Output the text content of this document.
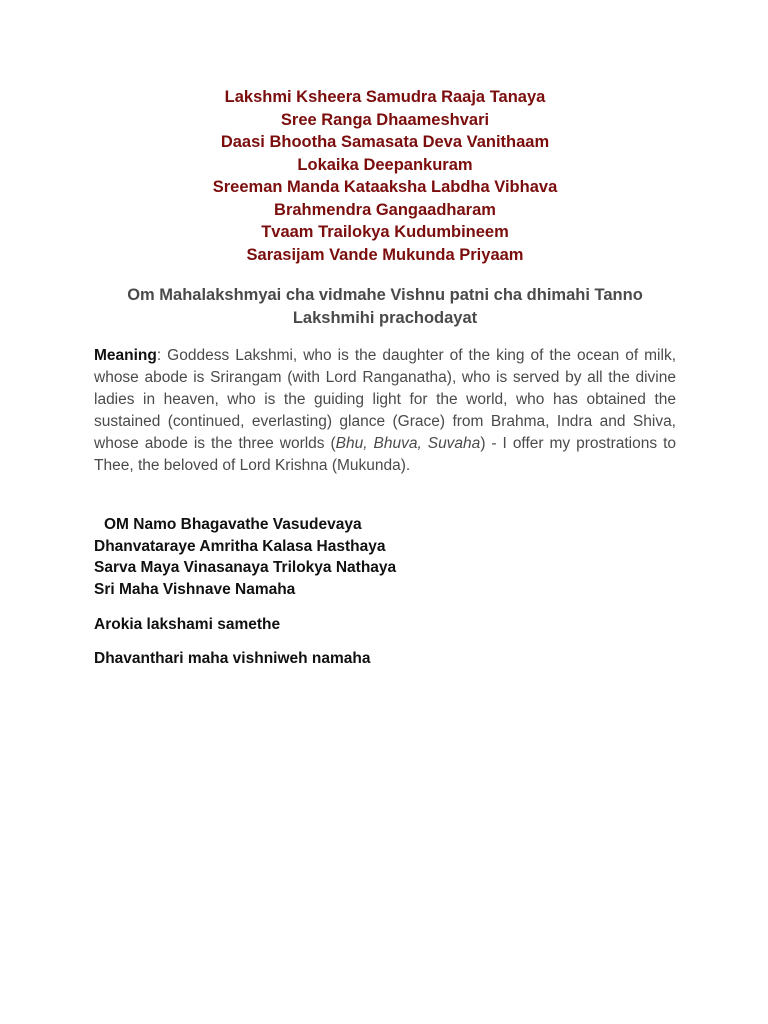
Lakshmi Ksheera Samudra Raaja Tanaya
Sree Ranga Dhaameshvari
Daasi Bhootha Samasata Deva Vanithaam
Lokaika Deepankuram
Sreeman Manda Kataaksha Labdha Vibhava
Brahmendra Gangaadharam
Tvaam Trailokya Kudumbineem
Sarasijam Vande Mukunda Priyaam
Om Mahalakshmyai cha vidmahe Vishnu patni cha dhimahi Tanno Lakshmihi prachodayat
Meaning: Goddess Lakshmi, who is the daughter of the king of the ocean of milk, whose abode is Srirangam (with Lord Ranganatha), who is served by all the divine ladies in heaven, who is the guiding light for the world, who has obtained the sustained (continued, everlasting) glance (Grace) from Brahma, Indra and Shiva, whose abode is the three worlds (Bhu, Bhuva, Suvaha) - I offer my prostrations to Thee, the beloved of Lord Krishna (Mukunda).
OM Namo Bhagavathe Vasudevaya
Dhanvataraye Amritha Kalasa Hasthaya
Sarva Maya Vinasanaya Trilokya Nathaya
Sri Maha Vishnave Namaha
Arokia lakshami samethe
Dhavanthari maha vishniweh namaha
